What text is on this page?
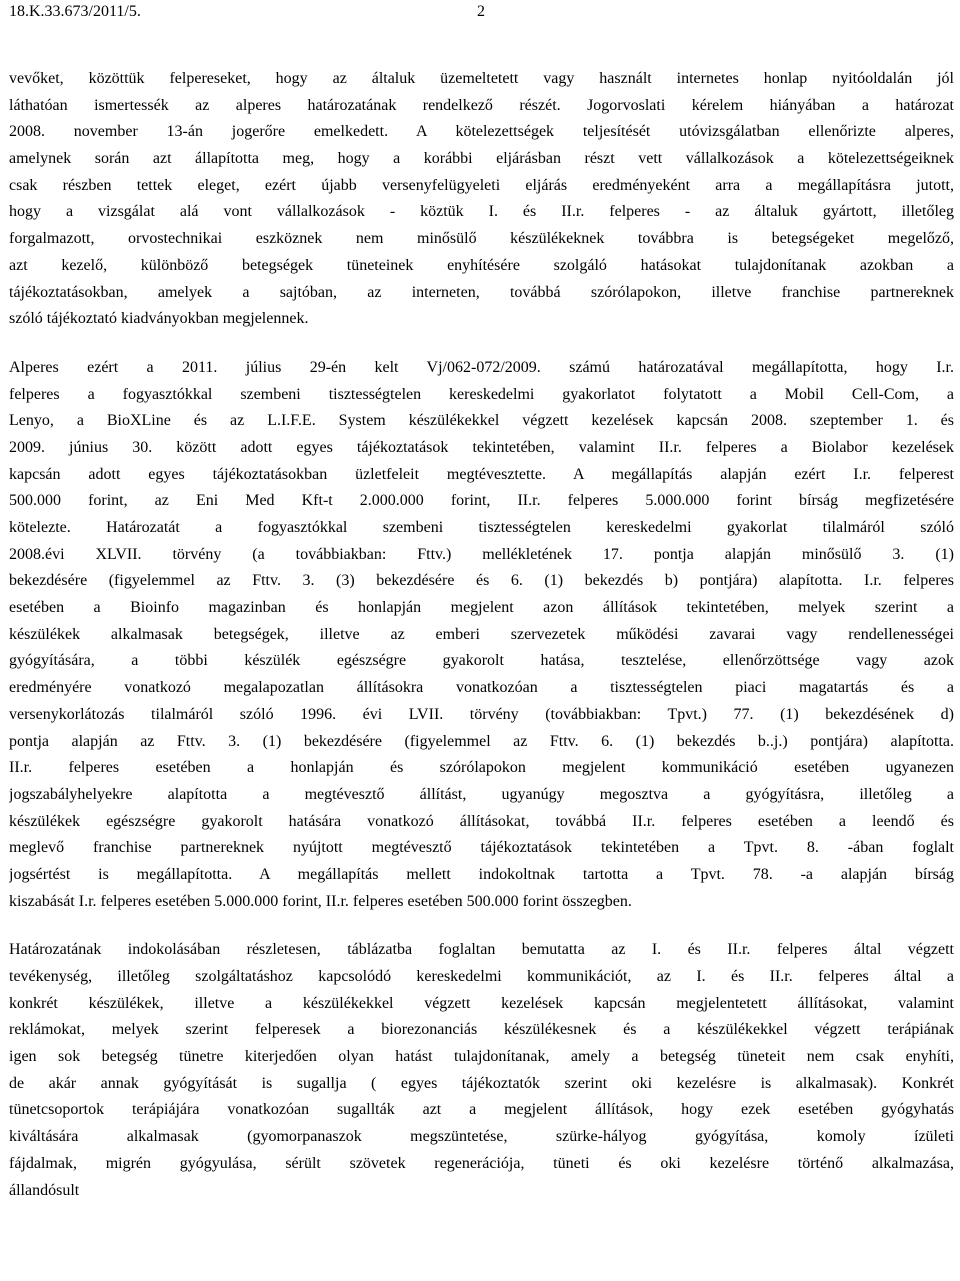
18.K.33.673/2011/5.	2
vevőket, közöttük felpereseket, hogy az általuk üzemeltetett vagy használt internetes honlap nyitóoldalán jól
láthatóan ismertessék az alperes határozatának rendelkező részét. Jogorvoslati kérelem hiányában a határozat
2008. november 13-án jogerőre emelkedett. A kötelezettségek teljesítését utóvizsgálatban ellenőrizte alperes,
amelynek során azt állapította meg, hogy a korábbi eljárásban részt vett vállalkozások a kötelezettségeiknek
csak részben tettek eleget, ezért újabb versenyfelügyeleti eljárás eredményeként arra a megállapításra jutott,
hogy a vizsgálat alá vont vállalkozások - köztük I. és II.r. felperes - az általuk gyártott, illetőleg
forgalmazott, orvostechnikai eszköznek nem minősülő készülékeknek továbbra is betegségeket megelőző,
azt kezelő, különböző betegségek tüneteinek enyhítésére szolgáló hatásokat tulajdonítanak azokban a
tájékoztatásokban, amelyek a sajtóban, az interneten, továbbá szórólapokon, illetve franchise partnereknek
szóló tájékoztató kiadványokban megjelennek.
Alperes ezért a 2011. július 29-én kelt Vj/062-072/2009. számú határozatával megállapította, hogy I.r.
felperes a fogyasztókkal szembeni tisztességtelen kereskedelmi gyakorlatot folytatott a Mobil Cell-Com, a
Lenyo, a BioXLine és az L.I.F.E. System készülékekkel végzett kezelések kapcsán 2008. szeptember 1. és
2009. június 30. között adott egyes tájékoztatások tekintetében, valamint II.r. felperes a Biolabor kezelések
kapcsán adott egyes tájékoztatásokban üzletfeleit megtévesztette. A megállapítás alapján ezért I.r. felperest
500.000 forint, az Eni Med Kft-t 2.000.000 forint, II.r. felperes 5.000.000 forint bírság megfizetésére
kötelezte. Határozatát a fogyasztókkal szembeni tisztességtelen kereskedelmi gyakorlat tilalmáról szóló
2008.évi XLVII. törvény (a továbbiakban: Fttv.) mellékletének 17. pontja alapján minősülő 3. (1)
bekezdésére (figyelemmel az Fttv. 3. (3) bekezdésére és 6. (1) bekezdés b) pontjára) alapította. I.r. felperes
esetében a Bioinfo magazinban és honlapján megjelent azon állítások tekintetében, melyek szerint a
készülékek alkalmasak betegségek, illetve az emberi szervezetek működési zavarai vagy rendellenességei
gyógyítására, a többi készülék egészségre gyakorolt hatása, tesztelése, ellenőrzöttsége vagy azok
eredményére vonatkozó megalapozatlan állításokra vonatkozóan a tisztességtelen piaci magatartás és a
versenykorlátozás tilalmáról szóló 1996. évi LVII. törvény (továbbiakban: Tpvt.) 77. (1) bekezdésének d)
pontja alapján az Fttv. 3. (1) bekezdésére (figyelemmel az Fttv. 6. (1) bekezdés b..j.) pontjára) alapította.
II.r. felperes esetében a honlapján és szórólapokon megjelent kommunikáció esetében ugyanezen
jogszabályhelyekre alapította a megtévesztő állítást, ugyanúgy megosztva a gyógyításra, illetőleg a
készülékek egészségre gyakorolt hatására vonatkozó állításokat, továbbá II.r. felperes esetében a leendő és
meglevő franchise partnereknek nyújtott megtévesztő tájékoztatások tekintetében a Tpvt. 8. -ában foglalt
jogsértést is megállapította. A megállapítás mellett indokoltnak tartotta a Tpvt. 78. -a alapján bírság
kiszabását I.r. felperes esetében 5.000.000 forint, II.r. felperes esetében 500.000 forint összegben.
Határozatának indokolásában részletesen, táblázatba foglaltan bemutatta az I. és II.r. felperes által végzett
tevékenység, illetőleg szolgáltatáshoz kapcsolódó kereskedelmi kommunikációt, az I. és II.r. felperes által a
konkrét készülékek, illetve a készülékekkel végzett kezelések kapcsán megjelentetett állításokat, valamint
reklámokat, melyek szerint felperesek a biorezonanciás készülékesnek és a készülékekkel végzett terápiának
igen sok betegség tünetre kiterjedően olyan hatást tulajdonítanak, amely a betegség tüneteit nem csak enyhíti,
de akár annak gyógyítását is sugallja ( egyes tájékoztatók szerint oki kezelésre is alkalmasak). Konkrét
tünetcsoportok terápiájára vonatkozóan sugallták azt a megjelent állítások, hogy ezek esetében gyógyhatás
kiváltására alkalmasak (gyomorpanaszok megszüntetése, szürke-hályog gyógyítása, komoly ízületi
fájdalmak, migrén gyógyulása, sérült szövetek regenerációja, tüneti és oki kezelésre történő alkalmazása,
állandósult
